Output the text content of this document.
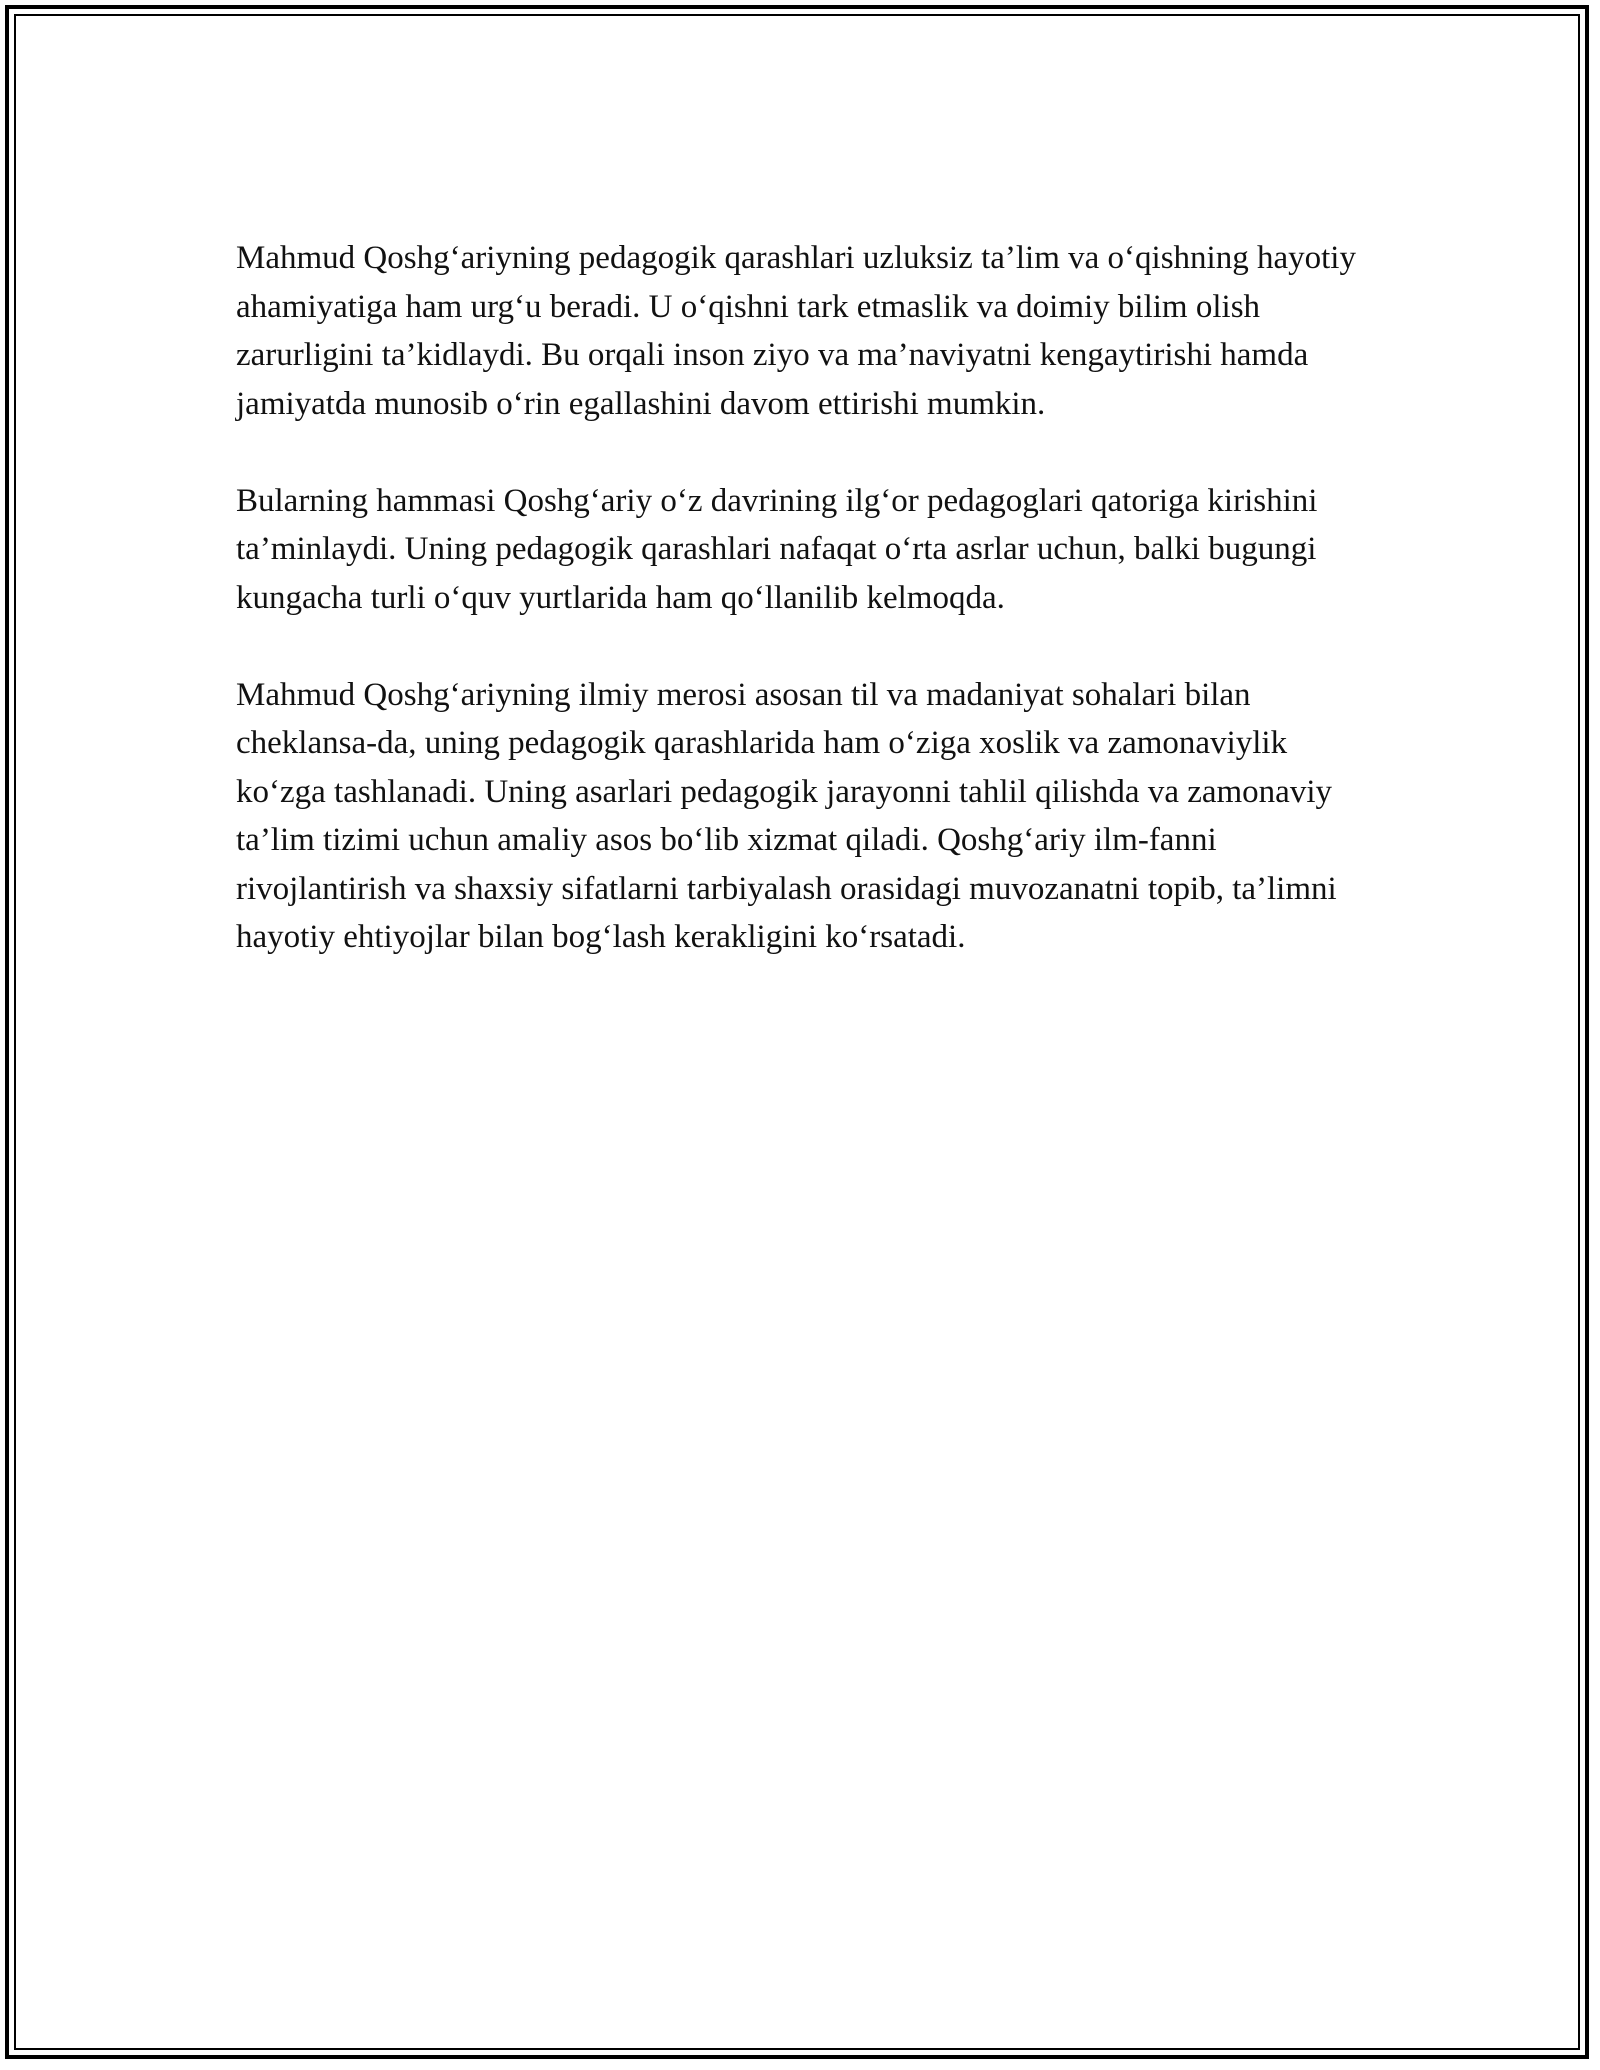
Mahmud Qoshg‘ariyning pedagogik qarashlari uzluksiz ta’lim va o‘qishning hayotiy ahamiyatiga ham urg‘u beradi. U o‘qishni tark etmaslik va doimiy bilim olish zarurligini ta’kidlaydi. Bu orqali inson ziyo va ma’naviyatni kengaytirishi hamda jamiyatda munosib o‘rin egallashini davom ettirishi mumkin.

Bularning hammasi Qoshg‘ariy o‘z davrining ilg‘or pedagoglari qatoriga kirishini ta’minlaydi. Uning pedagogik qarashlari nafaqat o‘rta asrlar uchun, balki bugungi kungacha turli o‘quv yurtlarida ham qo‘llanilib kelmoqda.

Mahmud Qoshg‘ariyning ilmiy merosi asosan til va madaniyat sohalari bilan cheklansa-da, uning pedagogik qarashlarida ham o‘ziga xoslik va zamonaviylik ko‘zga tashlanadi. Uning asarlari pedagogik jarayonni tahlil qilishda va zamonaviy ta’lim tizimi uchun amaliy asos bo‘lib xizmat qiladi. Qoshg‘ariy ilm-fanni rivojlantirish va shaxsiy sifatlarni tarbiyalash orasidagi muvozanatni topib, ta’limni hayotiy ehtiyojlar bilan bog‘lash kerakligini ko‘rsatadi.
